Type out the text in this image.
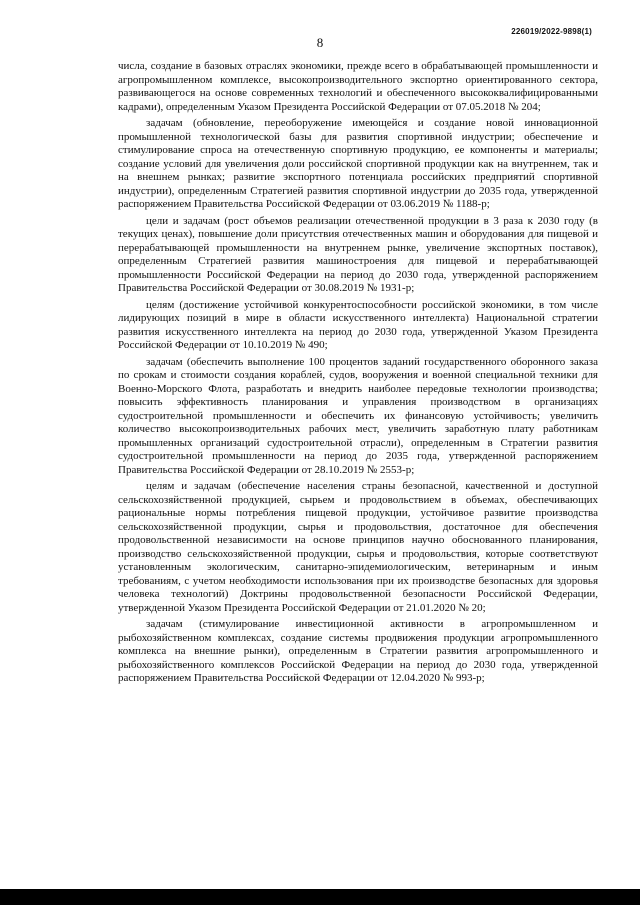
226019/2022-9898(1)
8

числа, создание в базовых отраслях экономики, прежде всего в обрабатывающей промышленности и агропромышленном комплексе, высокопроизводительного экспортно ориентированного сектора, развивающегося на основе современных технологий и обеспеченного высококвалифицированными кадрами), определенным Указом Президента Российской Федерации от 07.05.2018 № 204;

задачам (обновление, переоборужение имеющейся и создание новой инновационной промышленной технологической базы для развития спортивной индустрии; обеспечение и стимулирование спроса на отечественную спортивную продукцию, ее компоненты и материалы; создание условий для увеличения доли российской спортивной продукции как на внутреннем, так и на внешнем рынках; развитие экспортного потенциала российских предприятий спортивной индустрии), определенным Стратегией развития спортивной индустрии до 2035 года, утвержденной распоряжением Правительства Российской Федерации от 03.06.2019 № 1188-р;

цели и задачам (рост объемов реализации отечественной продукции в 3 раза к 2030 году (в текущих ценах), повышение доли присутствия отечественных машин и оборудования для пищевой и перерабатывающей промышленности на внутреннем рынке, увеличение экспортных поставок), определенным Стратегией развития машиностроения для пищевой и перерабатывающей промышленности Российской Федерации на период до 2030 года, утвержденной распоряжением Правительства Российской Федерации от 30.08.2019 № 1931-р;

целям (достижение устойчивой конкурентоспособности российской экономики, в том числе лидирующих позиций в мире в области искусственного интеллекта) Национальной стратегии развития искусственного интеллекта на период до 2030 года, утвержденной Указом Президента Российской Федерации от 10.10.2019 № 490;

задачам (обеспечить выполнение 100 процентов заданий государственного оборонного заказа по срокам и стоимости создания кораблей, судов, вооружения и военной специальной техники для Военно-Морского Флота, разработать и внедрить наиболее передовые технологии производства; повысить эффективность планирования и управления производством в организациях судостроительной промышленности и обеспечить их финансовую устойчивость; увеличить количество высокопроизводительных рабочих мест, увеличить заработную плату работникам промышленных организаций судостроительной отрасли), определенным в Стратегии развития судостроительной промышленности на период до 2035 года, утвержденной распоряжением Правительства Российской Федерации от 28.10.2019 № 2553-р;

целям и задачам (обеспечение населения страны безопасной, качественной и доступной сельскохозяйственной продукцией, сырьем и продовольствием в объемах, обеспечивающих рациональные нормы потребления пищевой продукции, устойчивое развитие производства сельскохозяйственной продукции, сырья и продовольствия, достаточное для обеспечения продовольственной независимости на основе принципов научно обоснованного планирования, производство сельскохозяйственной продукции, сырья и продовольствия, которые соответствуют установленным экологическим, санитарно-эпидемиологическим, ветеринарным и иным требованиям, с учетом необходимости использования при их производстве безопасных для здоровья человека технологий) Доктрины продовольственной безопасности Российской Федерации, утвержденной Указом Президента Российской Федерации от 21.01.2020 № 20;

задачам (стимулирование инвестиционной активности в агропромышленном и рыбохозяйственном комплексах, создание системы продвижения продукции агропромышленного комплекса на внешние рынки), определенным в Стратегии развития агропромышленного и рыбохозяйственного комплексов Российской Федерации на период до 2030 года, утвержденной распоряжением Правительства Российской Федерации от 12.04.2020 № 993-р;
